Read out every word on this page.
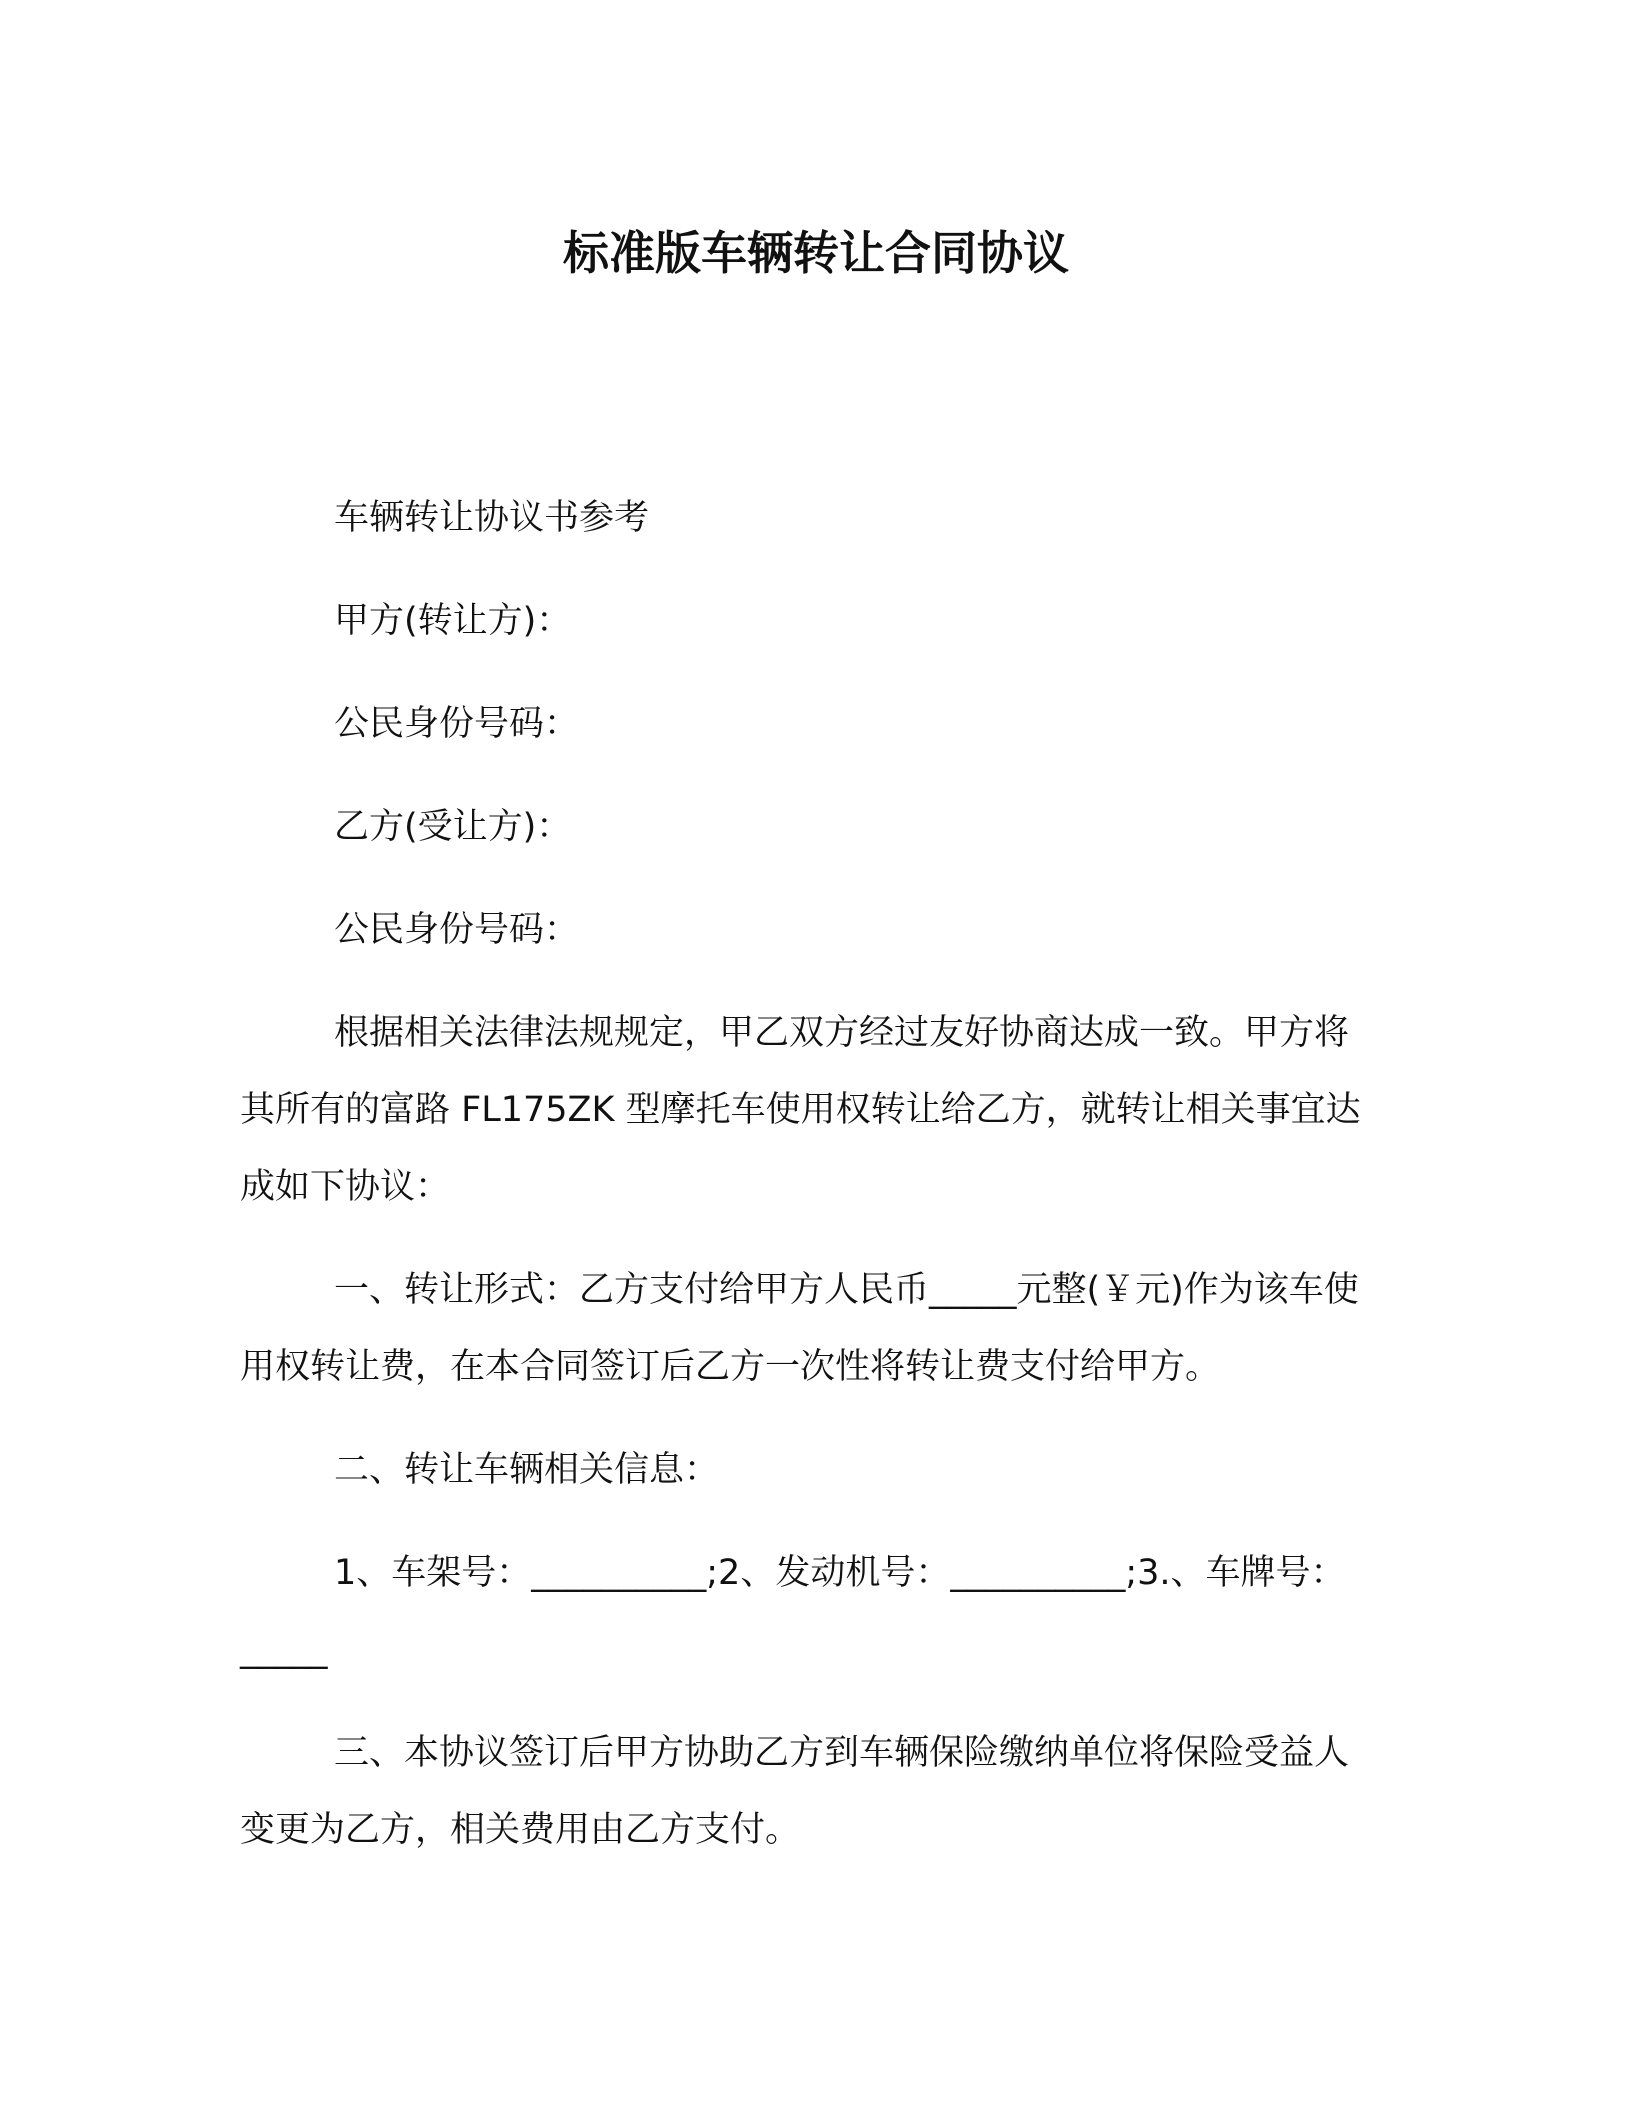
标准版车辆转让合同协议

车辆转让协议书参考

甲方(转让方)：

公民身份号码：

乙方(受让方)：

公民身份号码：

根据相关法律法规规定，甲乙双方经过友好协商达成一致。甲方将其所有的富路 FL175ZK 型摩托车使用权转让给乙方，就转让相关事宜达成如下协议：

一、转让形式：乙方支付给甲方人民币_____元整(￥元)作为该车使用权转让费，在本合同签订后乙方一次性将转让费支付给甲方。

二、转让车辆相关信息：

1、车架号：__________;2、发动机号：__________;3.、车牌号：_____

三、本协议签订后甲方协助乙方到车辆保险缴纳单位将保险受益人变更为乙方，相关费用由乙方支付。
